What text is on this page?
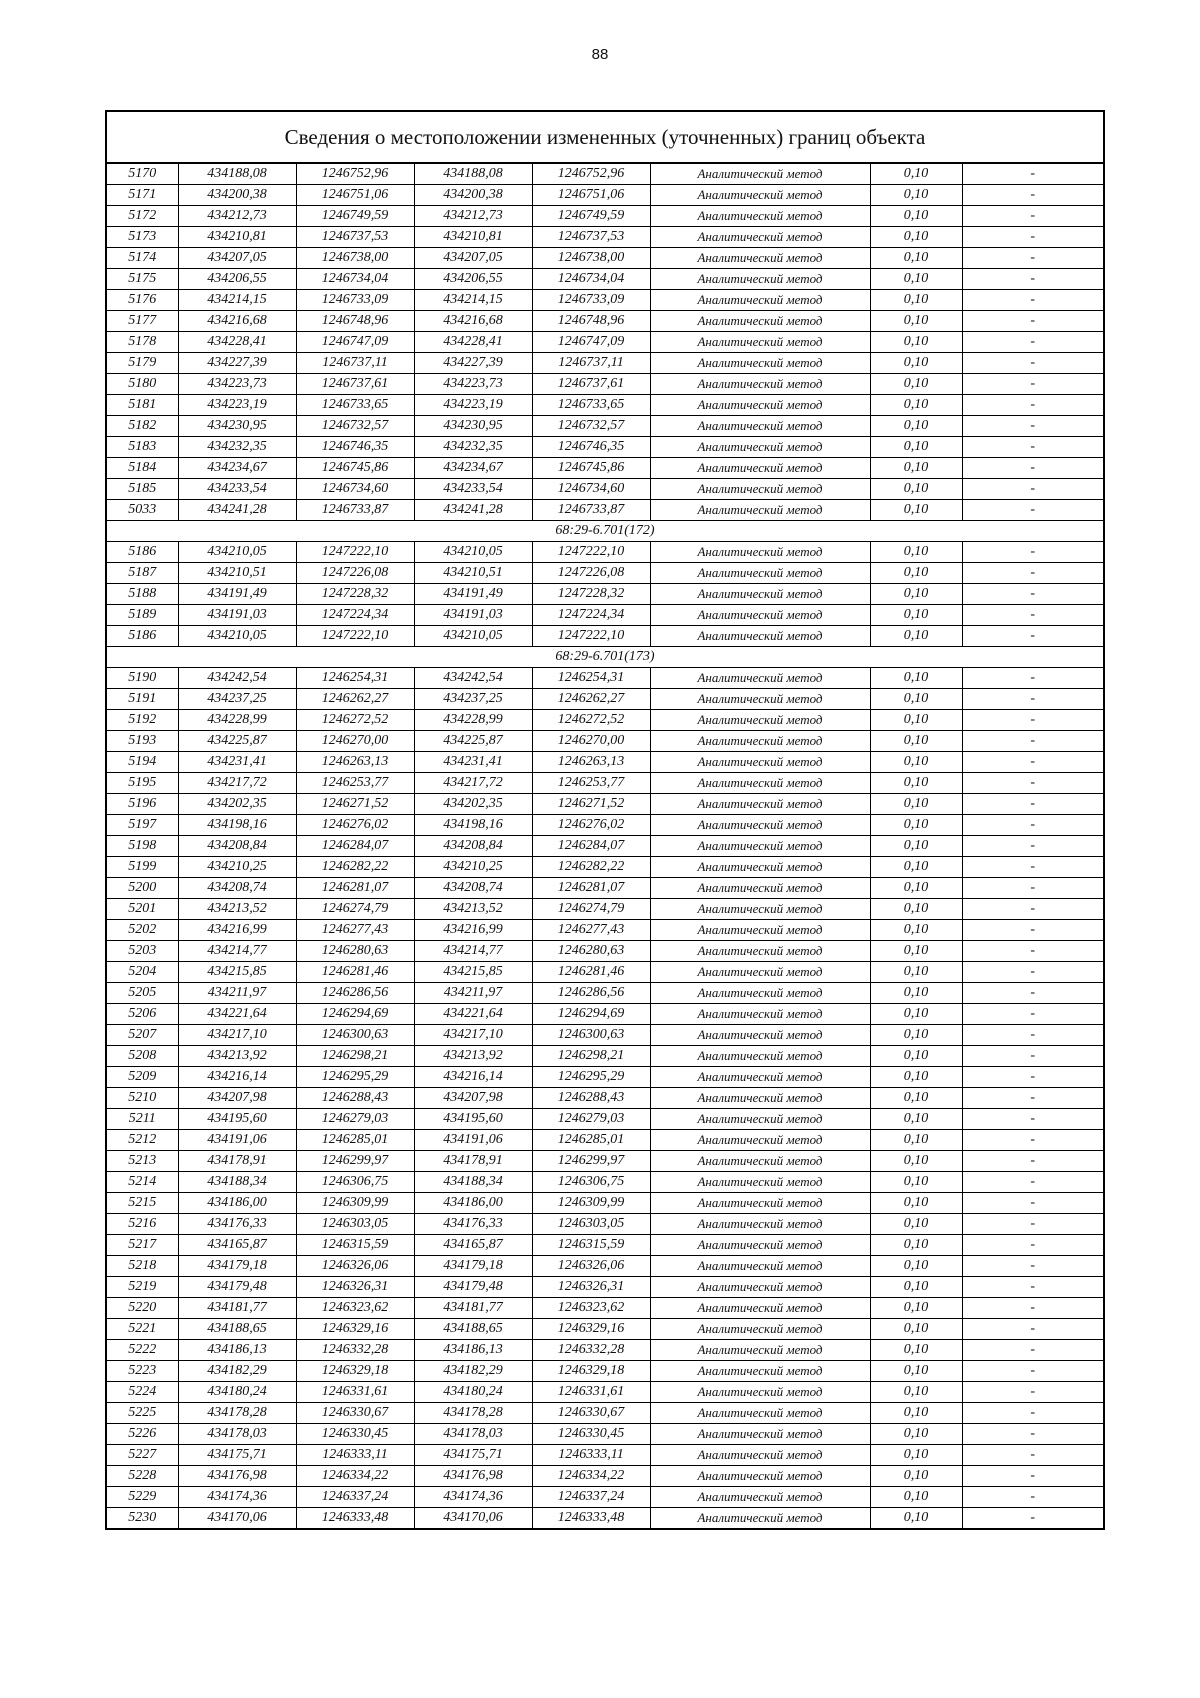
88
Сведения о местоположении измененных (уточненных) границ объекта							
5170	434188,08	1246752,96	434188,08	1246752,96	Аналитический метод	0,10	-
5171	434200,38	1246751,06	434200,38	1246751,06	Аналитический метод	0,10	-
5172	434212,73	1246749,59	434212,73	1246749,59	Аналитический метод	0,10	-
5173	434210,81	1246737,53	434210,81	1246737,53	Аналитический метод	0,10	-
5174	434207,05	1246738,00	434207,05	1246738,00	Аналитический метод	0,10	-
5175	434206,55	1246734,04	434206,55	1246734,04	Аналитический метод	0,10	-
5176	434214,15	1246733,09	434214,15	1246733,09	Аналитический метод	0,10	-
5177	434216,68	1246748,96	434216,68	1246748,96	Аналитический метод	0,10	-
5178	434228,41	1246747,09	434228,41	1246747,09	Аналитический метод	0,10	-
5179	434227,39	1246737,11	434227,39	1246737,11	Аналитический метод	0,10	-
5180	434223,73	1246737,61	434223,73	1246737,61	Аналитический метод	0,10	-
5181	434223,19	1246733,65	434223,19	1246733,65	Аналитический метод	0,10	-
5182	434230,95	1246732,57	434230,95	1246732,57	Аналитический метод	0,10	-
5183	434232,35	1246746,35	434232,35	1246746,35	Аналитический метод	0,10	-
5184	434234,67	1246745,86	434234,67	1246745,86	Аналитический метод	0,10	-
5185	434233,54	1246734,60	434233,54	1246734,60	Аналитический метод	0,10	-
5033	434241,28	1246733,87	434241,28	1246733,87	Аналитический метод	0,10	-
68:29-6.701(172)							
5186	434210,05	1247222,10	434210,05	1247222,10	Аналитический метод	0,10	-
5187	434210,51	1247226,08	434210,51	1247226,08	Аналитический метод	0,10	-
5188	434191,49	1247228,32	434191,49	1247228,32	Аналитический метод	0,10	-
5189	434191,03	1247224,34	434191,03	1247224,34	Аналитический метод	0,10	-
5186	434210,05	1247222,10	434210,05	1247222,10	Аналитический метод	0,10	-
68:29-6.701(173)							
5190	434242,54	1246254,31	434242,54	1246254,31	Аналитический метод	0,10	-
5191	434237,25	1246262,27	434237,25	1246262,27	Аналитический метод	0,10	-
5192	434228,99	1246272,52	434228,99	1246272,52	Аналитический метод	0,10	-
5193	434225,87	1246270,00	434225,87	1246270,00	Аналитический метод	0,10	-
5194	434231,41	1246263,13	434231,41	1246263,13	Аналитический метод	0,10	-
5195	434217,72	1246253,77	434217,72	1246253,77	Аналитический метод	0,10	-
5196	434202,35	1246271,52	434202,35	1246271,52	Аналитический метод	0,10	-
5197	434198,16	1246276,02	434198,16	1246276,02	Аналитический метод	0,10	-
5198	434208,84	1246284,07	434208,84	1246284,07	Аналитический метод	0,10	-
5199	434210,25	1246282,22	434210,25	1246282,22	Аналитический метод	0,10	-
5200	434208,74	1246281,07	434208,74	1246281,07	Аналитический метод	0,10	-
5201	434213,52	1246274,79	434213,52	1246274,79	Аналитический метод	0,10	-
5202	434216,99	1246277,43	434216,99	1246277,43	Аналитический метод	0,10	-
5203	434214,77	1246280,63	434214,77	1246280,63	Аналитический метод	0,10	-
5204	434215,85	1246281,46	434215,85	1246281,46	Аналитический метод	0,10	-
5205	434211,97	1246286,56	434211,97	1246286,56	Аналитический метод	0,10	-
5206	434221,64	1246294,69	434221,64	1246294,69	Аналитический метод	0,10	-
5207	434217,10	1246300,63	434217,10	1246300,63	Аналитический метод	0,10	-
5208	434213,92	1246298,21	434213,92	1246298,21	Аналитический метод	0,10	-
5209	434216,14	1246295,29	434216,14	1246295,29	Аналитический метод	0,10	-
5210	434207,98	1246288,43	434207,98	1246288,43	Аналитический метод	0,10	-
5211	434195,60	1246279,03	434195,60	1246279,03	Аналитический метод	0,10	-
5212	434191,06	1246285,01	434191,06	1246285,01	Аналитический метод	0,10	-
5213	434178,91	1246299,97	434178,91	1246299,97	Аналитический метод	0,10	-
5214	434188,34	1246306,75	434188,34	1246306,75	Аналитический метод	0,10	-
5215	434186,00	1246309,99	434186,00	1246309,99	Аналитический метод	0,10	-
5216	434176,33	1246303,05	434176,33	1246303,05	Аналитический метод	0,10	-
5217	434165,87	1246315,59	434165,87	1246315,59	Аналитический метод	0,10	-
5218	434179,18	1246326,06	434179,18	1246326,06	Аналитический метод	0,10	-
5219	434179,48	1246326,31	434179,48	1246326,31	Аналитический метод	0,10	-
5220	434181,77	1246323,62	434181,77	1246323,62	Аналитический метод	0,10	-
5221	434188,65	1246329,16	434188,65	1246329,16	Аналитический метод	0,10	-
5222	434186,13	1246332,28	434186,13	1246332,28	Аналитический метод	0,10	-
5223	434182,29	1246329,18	434182,29	1246329,18	Аналитический метод	0,10	-
5224	434180,24	1246331,61	434180,24	1246331,61	Аналитический метод	0,10	-
5225	434178,28	1246330,67	434178,28	1246330,67	Аналитический метод	0,10	-
5226	434178,03	1246330,45	434178,03	1246330,45	Аналитический метод	0,10	-
5227	434175,71	1246333,11	434175,71	1246333,11	Аналитический метод	0,10	-
5228	434176,98	1246334,22	434176,98	1246334,22	Аналитический метод	0,10	-
5229	434174,36	1246337,24	434174,36	1246337,24	Аналитический метод	0,10	-
5230	434170,06	1246333,48	434170,06	1246333,48	Аналитический метод	0,10	-
